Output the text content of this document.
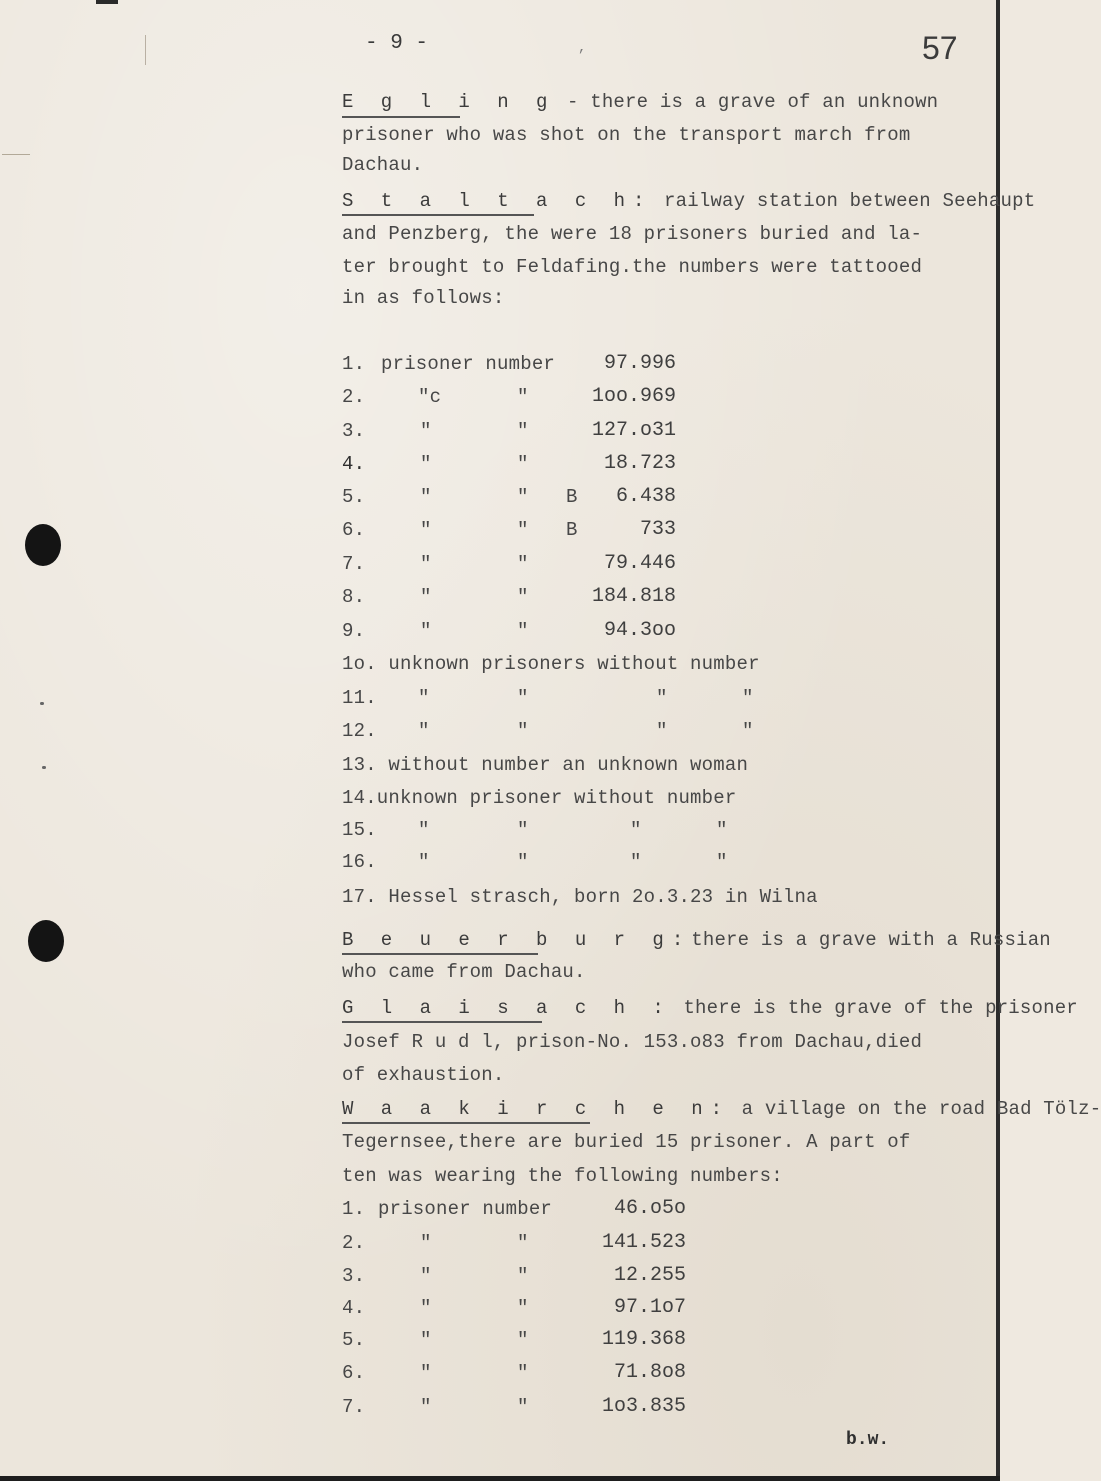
- 9 -	,	57
E g l i n g - there is a grave of an unknown
prisoner who was shot on the transport march from
Dachau.
S t a l t a c h: railway station between Seehaupt
and Penzberg, the were 18 prisoners buried and la-
ter brought to Feldafing.the numbers were tattooed
in as follows:
1. prisoner number 97.996
2.	"c	"	1oo.969
3.	"	"	127.o31
4.	"	"	18.723
5.	"	" B 6.438
6.	"	" B	733
7.	"	"	79.446
8.	"	"	184.818
9.	"	"	94.3oo
1o. unknown prisoners without number
11. "	"	"	"
12. "	"	"	"
13. without number an unknown woman
14.unknown prisoner without number
15. "	"	"	"
16. "	"	"	"
17. Hessel strasch, born 2o.3.23 in Wilna
B e u e r b u r g:there is a grave with a Russian
who came from Dachau.
G l a i s a c h : there is the grave of the prisoner
Josef R u d l, prison-No. 153.o83 from Dachau,died
of exhaustion.
W a a k i r c h e n: a village on the road Bad Tölz-
Tegernsee,there are buried 15 prisoner. A part of
ten was wearing the following numbers:
1. prisoner number	46.o5o
2.	"	"	141.523
3.	"	"	12.255
4.	"	"	97.1o7
5.	"	"	119.368
6.	"	"	71.8o8
7.	"	"	1o3.835
b.w.
